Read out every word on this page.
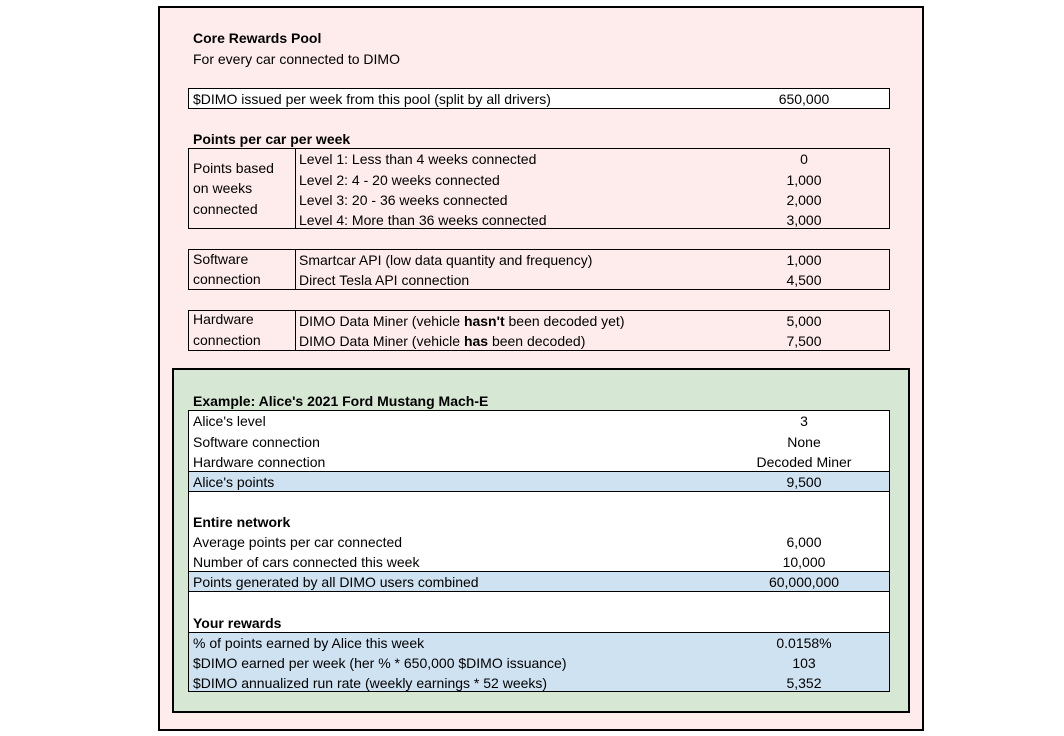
Core Rewards Pool
For every car connected to DIMO
$DIMO issued per week from this pool (split by all drivers)	650,000
Points per car per week
Points based
on weeks
connected
Level 1: Less than 4 weeks connected	0
Level 2: 4 - 20 weeks connected	1,000
Level 3: 20 - 36 weeks connected	2,000
Level 4: More than 36 weeks connected	3,000
Software
connection
Smartcar API (low data quantity and frequency)	1,000
Direct Tesla API connection	4,500
Hardware
connection
DIMO Data Miner (vehicle hasn't been decoded yet)	5,000
DIMO Data Miner (vehicle has been decoded)	7,500
Example: Alice's 2021 Ford Mustang Mach-E
Alice's level	3
Software connection	None
Hardware connection	Decoded Miner
Alice's points	9,500
Entire network
Average points per car connected	6,000
Number of cars connected this week	10,000
Points generated by all DIMO users combined	60,000,000
Your rewards
% of points earned by Alice this week	0.0158%
$DIMO earned per week (her % * 650,000 $DIMO issuance)	103
$DIMO annualized run rate (weekly earnings * 52 weeks)	5,352
